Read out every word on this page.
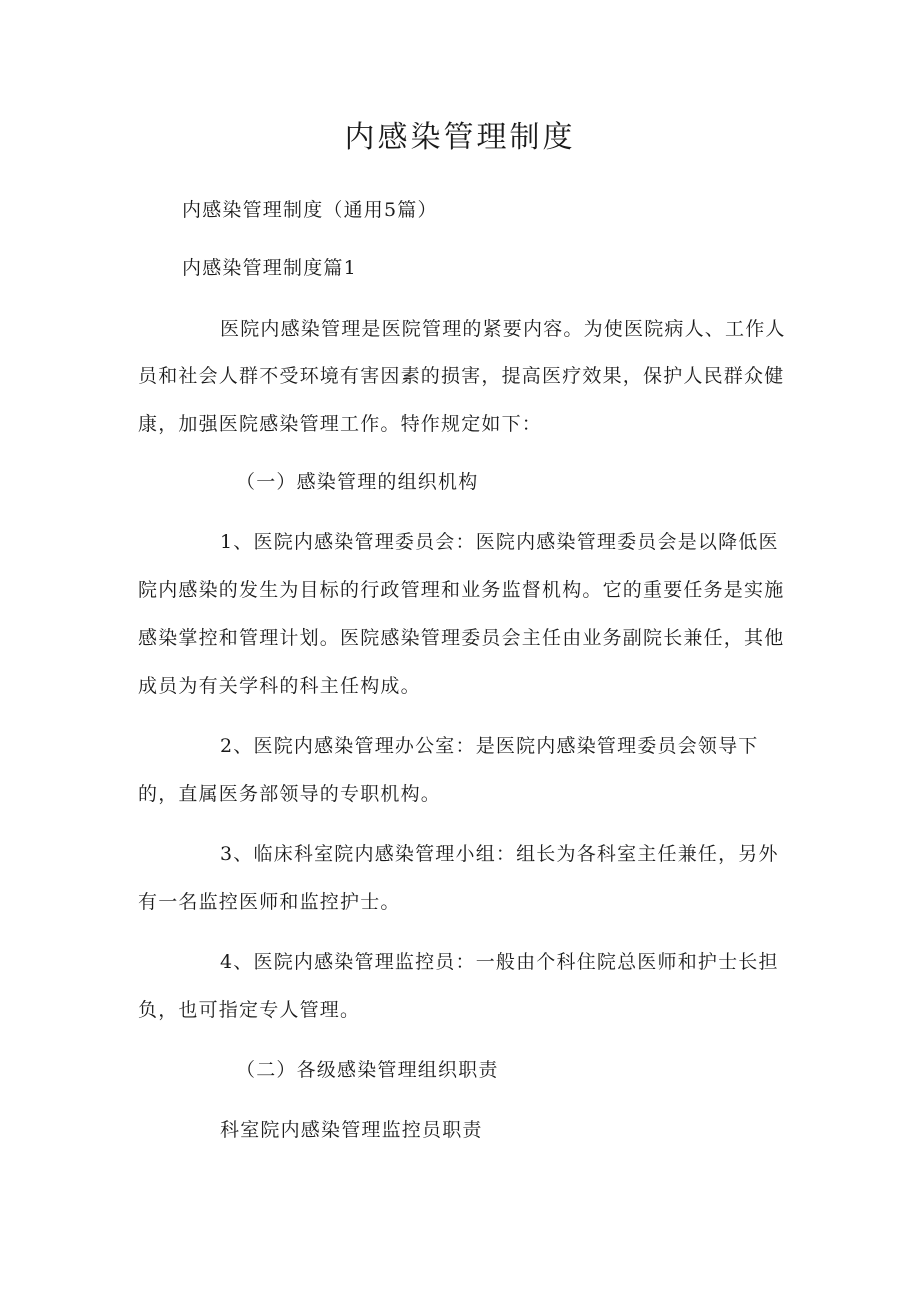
内感染管理制度

内感染管理制度（通用5篇）

内感染管理制度篇1

医院内感染管理是医院管理的紧要内容。为使医院病人、工作人

员和社会人群不受环境有害因素的损害，提高医疗效果，保护人民群众健

康，加强医院感染管理工作。特作规定如下：

（一）感染管理的组织机构

1、医院内感染管理委员会：医院内感染管理委员会是以降低医

院内感染的发生为目标的行政管理和业务监督机构。它的重要任务是实施

感染掌控和管理计划。医院感染管理委员会主任由业务副院长兼任，其他

成员为有关学科的科主任构成。

2、医院内感染管理办公室：是医院内感染管理委员会领导下

的，直属医务部领导的专职机构。

3、临床科室院内感染管理小组：组长为各科室主任兼任，另外

有一名监控医师和监控护士。

4、医院内感染管理监控员：一般由个科住院总医师和护士长担

负，也可指定专人管理。

（二）各级感染管理组织职责

科室院内感染管理监控员职责
